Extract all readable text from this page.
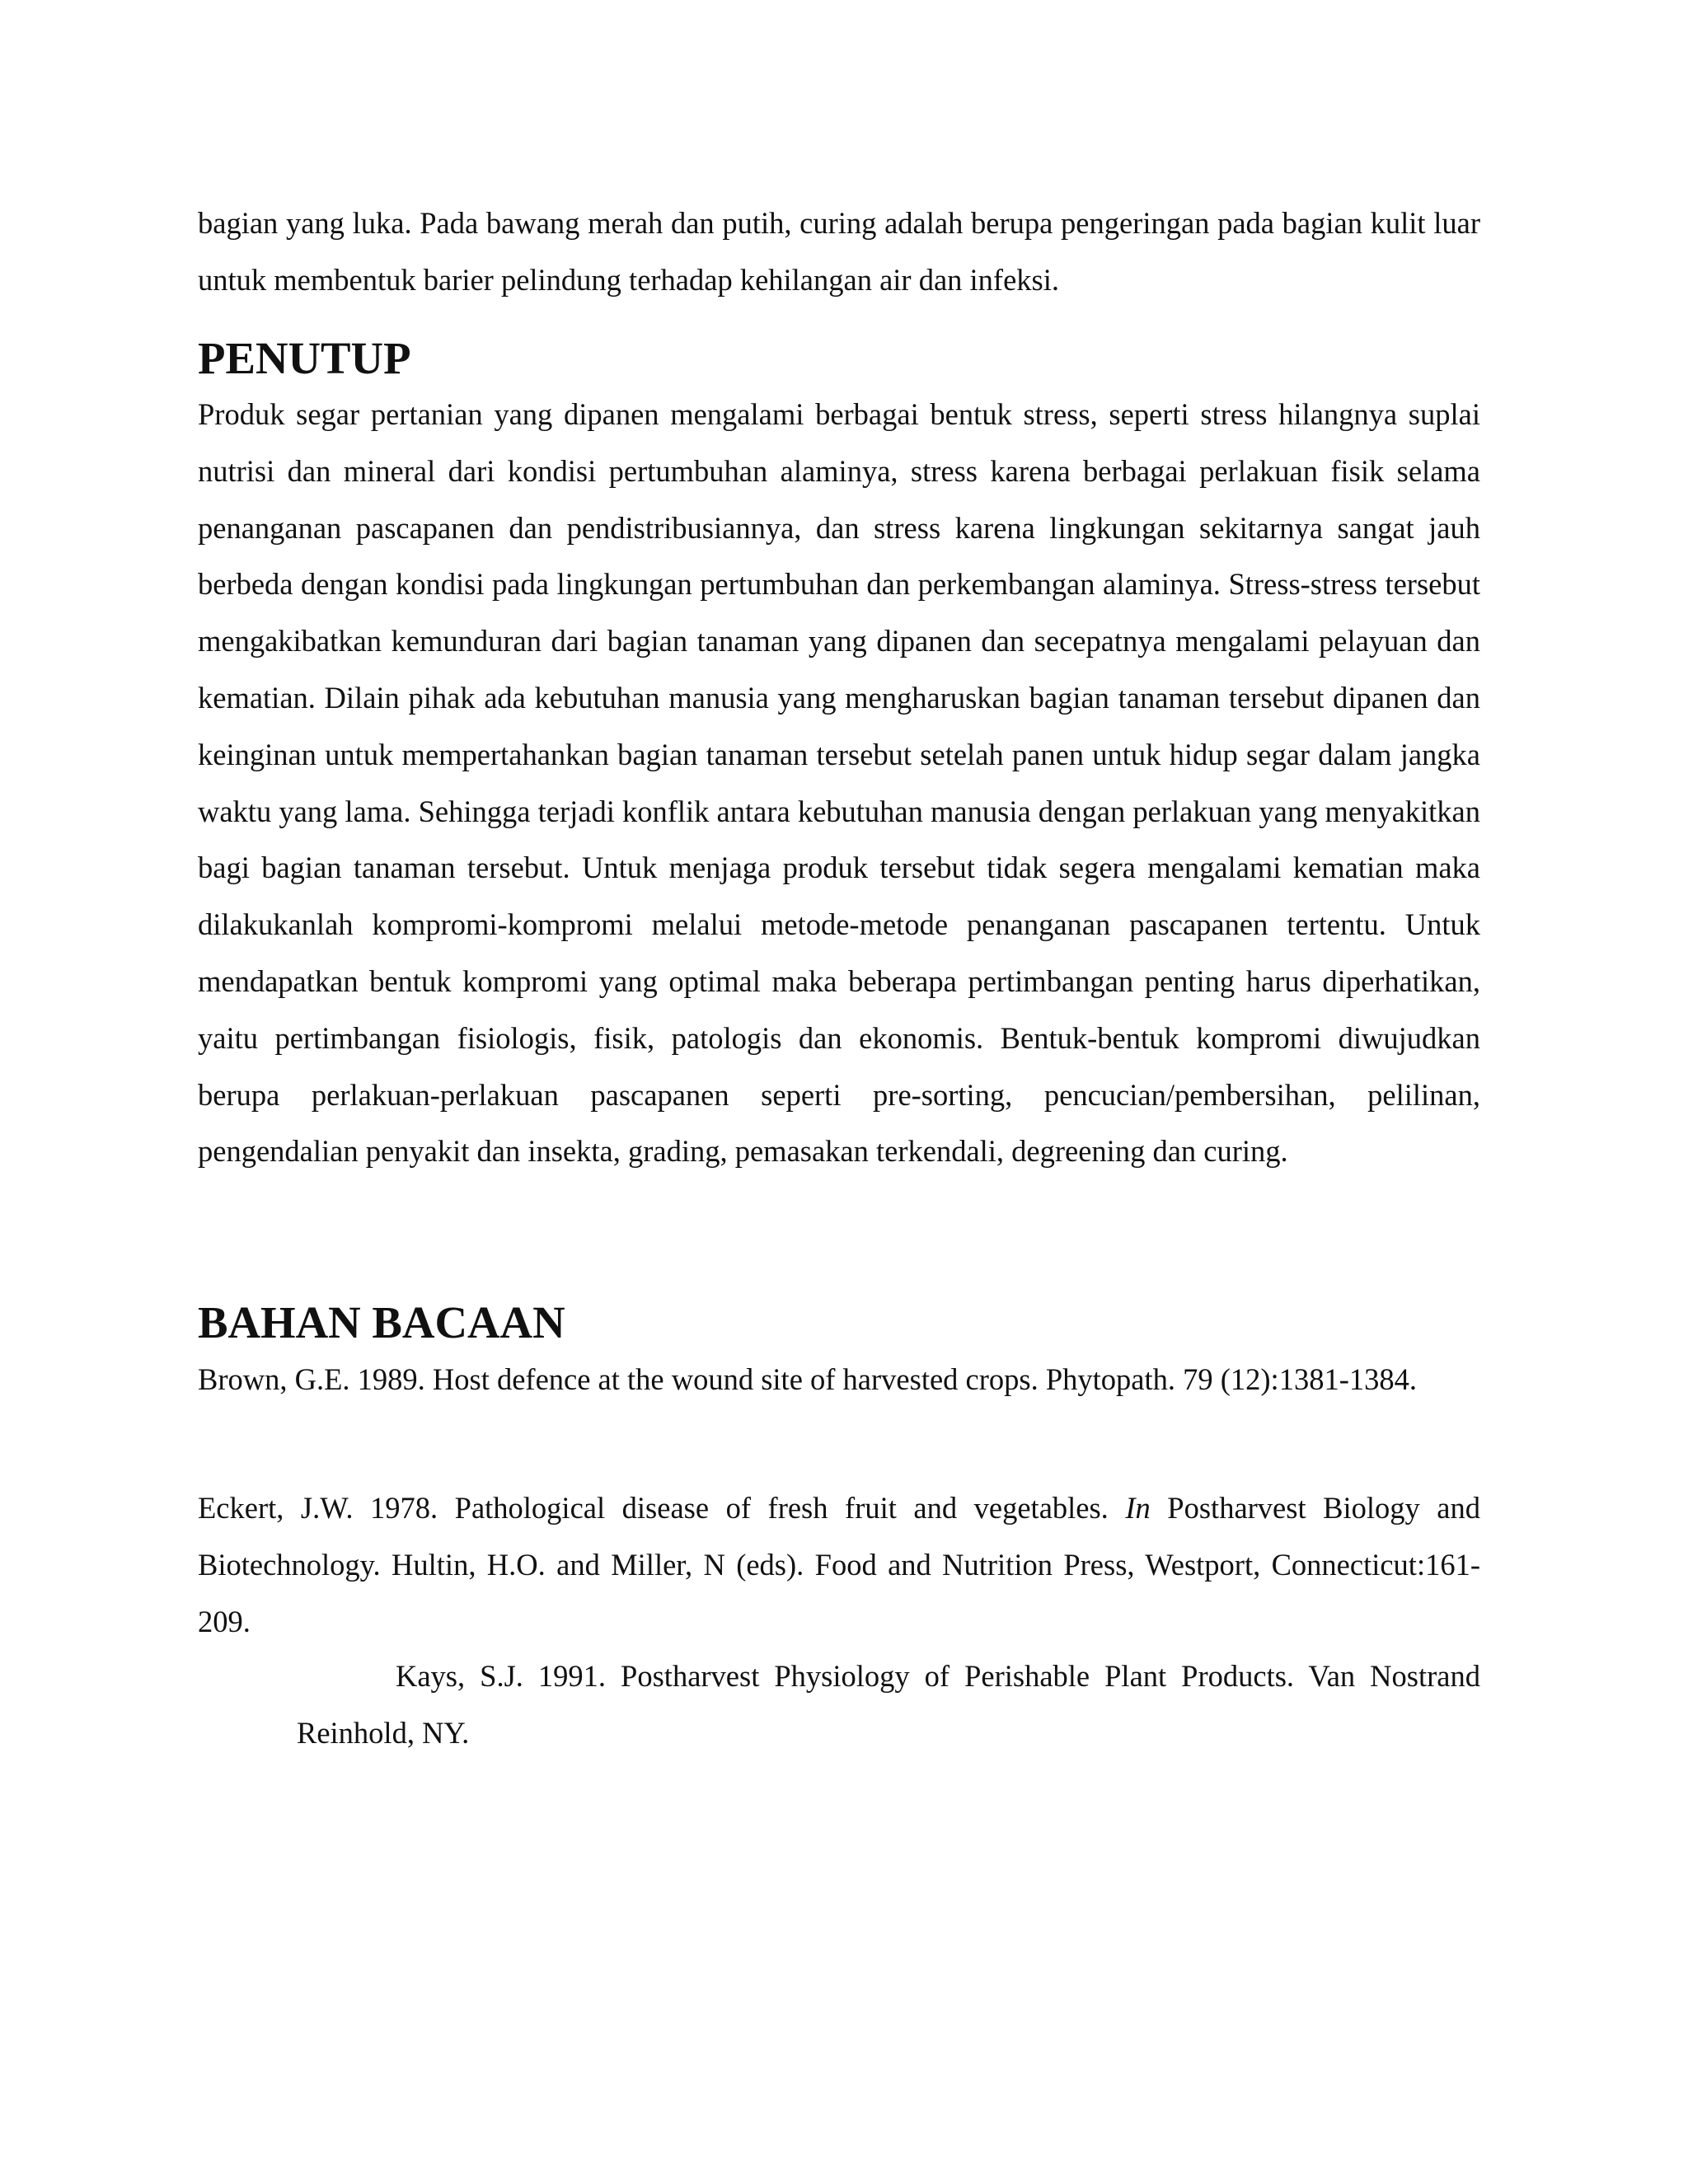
bagian yang luka. Pada bawang merah dan putih, curing adalah berupa pengeringan pada bagian kulit luar untuk membentuk barier pelindung terhadap kehilangan air dan infeksi.

PENUTUP

Produk segar pertanian yang dipanen mengalami berbagai bentuk stress, seperti stress hilangnya suplai nutrisi dan mineral dari kondisi pertumbuhan alaminya, stress karena berbagai perlakuan fisik selama penanganan pascapanen dan pendistribusiannya, dan stress karena lingkungan sekitarnya sangat jauh berbeda dengan kondisi pada lingkungan pertumbuhan dan perkembangan alaminya. Stress-stress tersebut mengakibatkan kemunduran dari bagian tanaman yang dipanen dan secepatnya mengalami pelayuan dan kematian. Dilain pihak ada kebutuhan manusia yang mengharuskan bagian tanaman tersebut dipanen dan keinginan untuk mempertahankan bagian tanaman tersebut setelah panen untuk hidup segar dalam jangka waktu yang lama. Sehingga terjadi konflik antara kebutuhan manusia dengan perlakuan yang menyakitkan bagi bagian tanaman tersebut. Untuk menjaga produk tersebut tidak segera mengalami kematian maka dilakukanlah kompromi-kompromi melalui metode-metode penanganan pascapanen tertentu. Untuk mendapatkan bentuk kompromi yang optimal maka beberapa pertimbangan penting harus diperhatikan, yaitu pertimbangan fisiologis, fisik, patologis dan ekonomis. Bentuk-bentuk kompromi diwujudkan berupa perlakuan-perlakuan pascapanen seperti pre-sorting, pencucian/pembersihan, pelilinan, pengendalian penyakit dan insekta, grading, pemasakan terkendali, degreening dan curing.

BAHAN BACAAN

Brown, G.E. 1989. Host defence at the wound site of harvested crops. Phytopath. 79 (12):1381-1384.

Eckert, J.W. 1978. Pathological disease of fresh fruit and vegetables. In Postharvest Biology and Biotechnology. Hultin, H.O. and Miller, N (eds). Food and Nutrition Press, Westport, Connecticut:161-209.

Kays, S.J. 1991. Postharvest Physiology of Perishable Plant Products. Van Nostrand Reinhold, NY.
